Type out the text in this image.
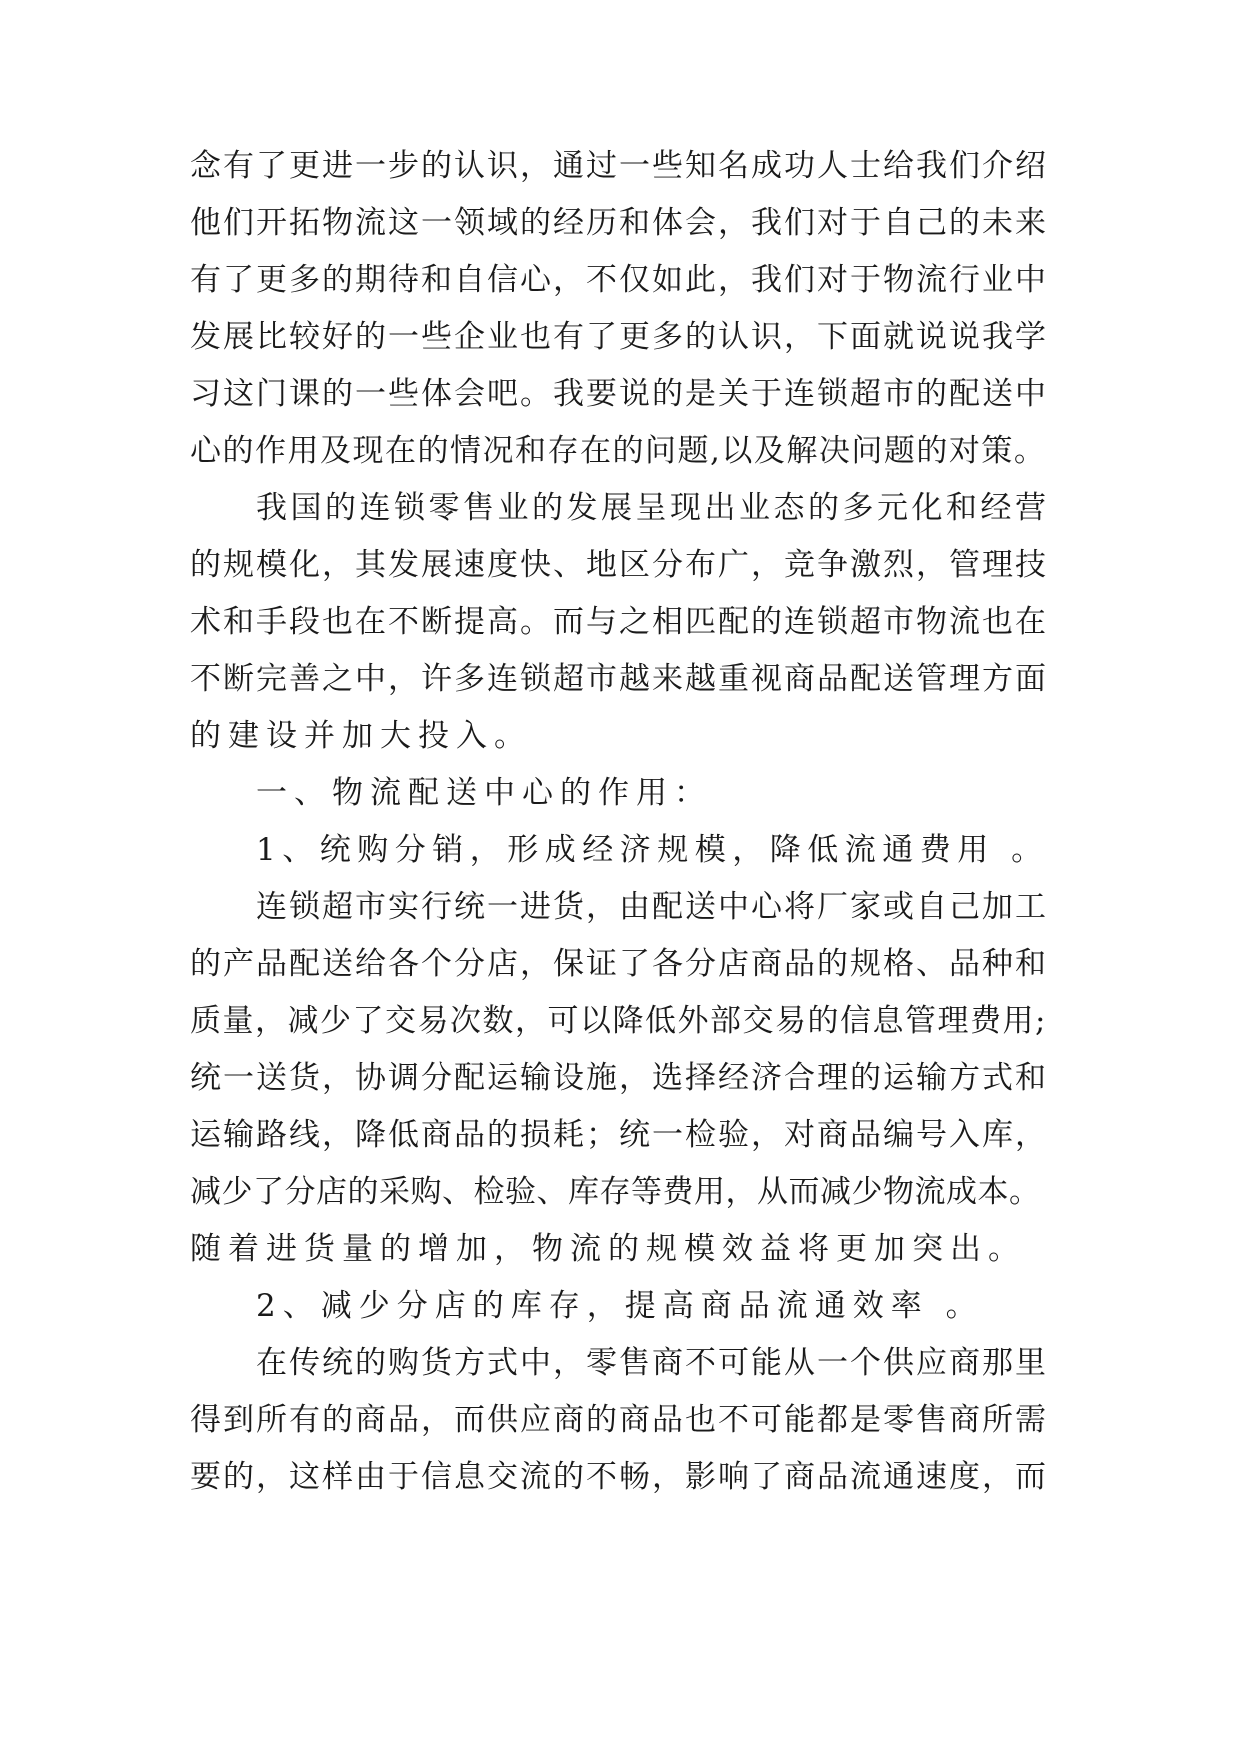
念有了更进一步的认识，通过一些知名成功人士给我们介绍
他们开拓物流这一领域的经历和体会，我们对于自己的未来
有了更多的期待和自信心，不仅如此，我们对于物流行业中
发展比较好的一些企业也有了更多的认识，下面就说说我学
习这门课的一些体会吧。我要说的是关于连锁超市的配送中
心的作用及现在的情况和存在的问题,以及解决问题的对策。
我国的连锁零售业的发展呈现出业态的多元化和经营
的规模化，其发展速度快、地区分布广，竞争激烈，管理技
术和手段也在不断提高。而与之相匹配的连锁超市物流也在
不断完善之中，许多连锁超市越来越重视商品配送管理方面
的建设并加大投入。
一、物流配送中心的作用：
1、统购分销，形成经济规模，降低流通费用 。
连锁超市实行统一进货，由配送中心将厂家或自己加工
的产品配送给各个分店，保证了各分店商品的规格、品种和
质量，减少了交易次数，可以降低外部交易的信息管理费用;
统一送货，协调分配运输设施，选择经济合理的运输方式和
运输路线，降低商品的损耗；统一检验，对商品编号入库，
减少了分店的采购、检验、库存等费用，从而减少物流成本。
随着进货量的增加，物流的规模效益将更加突出。
2、减少分店的库存，提高商品流通效率 。
在传统的购货方式中，零售商不可能从一个供应商那里
得到所有的商品，而供应商的商品也不可能都是零售商所需
要的，这样由于信息交流的不畅，影响了商品流通速度，而
